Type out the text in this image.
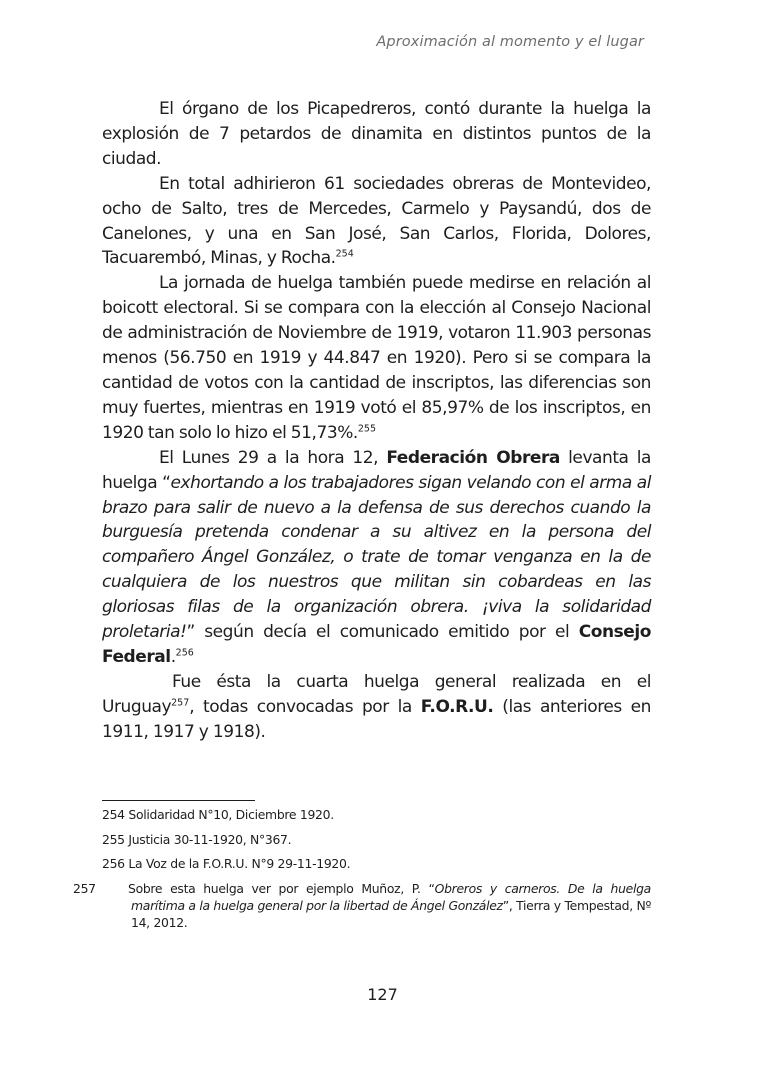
Aproximación al momento y el lugar

El órgano de los Picapedreros, contó durante la huelga la explosión de 7 petardos de dinamita en distintos puntos de la ciudad.

En total adhirieron 61 sociedades obreras de Montevideo, ocho de Salto, tres de Mercedes, Carmelo y Paysandú, dos de Canelones, y una en San José, San Carlos, Florida, Dolores, Tacuarembó, Minas, y Rocha.$^{254}$

La jornada de huelga también puede medirse en relación al boicott electoral. Si se compara con la elección al Consejo Nacional de administración de Noviembre de 1919, votaron 11.903 personas menos (56.750 en 1919 y 44.847 en 1920). Pero si se compara la cantidad de votos con la cantidad de inscriptos, las diferencias son muy fuertes, mientras en 1919 votó el 85,97% de los inscriptos, en 1920 tan solo lo hizo el 51,73%.$^{255}$

El Lunes 29 a la hora 12, Federación Obrera levanta la huelga “exhortando a los trabajadores sigan velando con el arma al brazo para salir de nuevo a la defensa de sus derechos cuando la burguesía pretenda condenar a su altivez en la persona del compañero Ángel González, o trate de tomar venganza en la de cualquiera de los nuestros que militan sin cobardeas en las gloriosas filas de la organización obrera. ¡viva la solidaridad proletaria!” según decía el comunicado emitido por el Consejo Federal.$^{256}$

Fue ésta la cuarta huelga general realizada en el Uruguay$^{257}$, todas convocadas por la F.O.R.U. (las anteriores en 1911, 1917 y 1918).

254 Solidaridad N°10, Diciembre 1920.

255 Justicia 30-11-1920, N°367.

256 La Voz de la F.O.R.U. N°9 29-11-1920.

257	Sobre esta huelga ver por ejemplo Muñoz, P. “Obreros y carneros. De la huelga marítima a la huelga general por la libertad de Ángel González”, Tierra y Tempestad, Nº 14, 2012.

127
